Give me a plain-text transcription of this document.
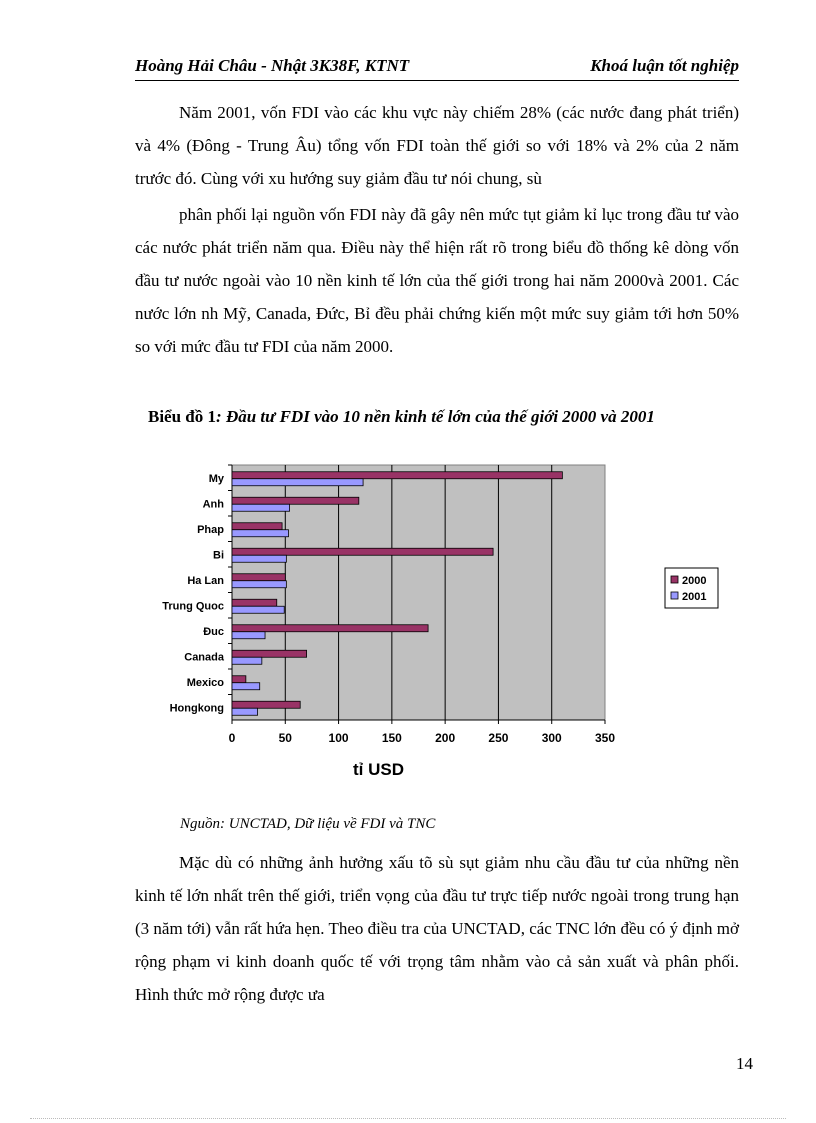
Hoàng Hải Châu - Nhật 3K38F, KTNT	Khoá luận tốt nghiệp
Năm 2001, vốn FDI vào các khu vực này chiếm 28% (các nước đang phát triển) và 4% (Đông - Trung Âu) tổng vốn FDI toàn thế giới so với 18% và 2% của 2 năm trước đó. Cùng với xu hướng suy giảm đầu tư nói chung, sù
phân phối lại nguồn vốn FDI này đã gây nên mức tụt giảm kỉ lục trong đầu tư vào các nước phát triển năm qua. Điều này thể hiện rất rõ trong biểu đồ thống kê dòng vốn đầu tư nước ngoài vào 10 nền kinh tế lớn của thế giới trong hai năm 2000và 2001. Các nước lớn nh Mỹ, Canada, Đức, Bỉ đều phải chứng kiến một mức suy giảm tới hơn 50% so với mức đầu tư FDI của năm 2000.
Biểu đồ 1: Đầu tư FDI vào 10 nền kinh tế lớn của thế giới 2000 và 2001
0	50	100	150	200	250	300	350
My
Anh
Phap
Bi
Ha Lan
Trung Quoc
Đuc
Canada
Mexico
Hongkong
tỉ USD
2000
2001
Nguồn: UNCTAD, Dữ liệu về FDI và TNC
Mặc dù có những ảnh hưởng xấu tõ sù sụt giảm nhu cầu đầu tư của những nền kinh tế lớn nhất trên thế giới, triển vọng của đầu tư trực tiếp nước ngoài trong trung hạn (3 năm tới) vẫn rất hứa hẹn. Theo điều tra của UNCTAD, các TNC lớn đều có ý định mở rộng phạm vi kinh doanh quốc tế với trọng tâm nhằm vào cả sản xuất và phân phối. Hình thức mở rộng được ưa
14
